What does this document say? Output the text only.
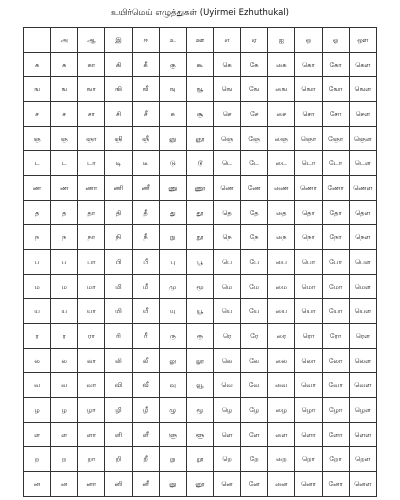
உயிர்மெய் எழுத்துகள் (Uyirmei Ezhuthukal)
	அ	ஆ	இ	ஈ	உ	ஊ	எ	ஏ	ஐ	ஒ	ஓ	ஔ
க	க	கா	கி	கீ	கு	கூ	கெ	கே	கை	கொ	கோ	கௌ
ங	ங	ஙா	ஙி	ஙீ	ஙு	ஙூ	ஙெ	ஙே	ஙை	ஙொ	ஙோ	ஙௌ
ச	ச	சா	சி	சீ	சு	சூ	செ	சே	சை	சொ	சோ	சௌ
ஞ	ஞ	ஞா	ஞி	ஞீ	ஞு	ஞூ	ஞெ	ஞே	ஞை	ஞொ	ஞோ	ஞௌ
ட	ட	டா	டி	டீ	டு	டூ	டெ	டே	டை	டொ	டோ	டௌ
ண	ண	ணா	ணி	ணீ	ணு	ணூ	ணெ	ணே	ணை	ணொ	ணோ	ணௌ
த	த	தா	தி	தீ	து	தூ	தெ	தே	தை	தொ	தோ	தௌ
ந	ந	நா	நி	நீ	நு	நூ	நெ	நே	நை	நொ	நோ	நௌ
ப	ப	பா	பி	பீ	பு	பூ	பெ	பே	பை	பொ	போ	பௌ
ம	ம	மா	மி	மீ	மு	மூ	மெ	மே	மை	மொ	மோ	மௌ
ய	ய	யா	யி	யீ	யு	யூ	யெ	யே	யை	யொ	யோ	யௌ
ர	ர	ரா	ரி	ரீ	ரு	ரூ	ரெ	ரே	ரை	ரொ	ரோ	ரௌ
ல	ல	லா	லி	லீ	லு	லூ	லெ	லே	லை	லொ	லோ	லௌ
வ	வ	வா	வி	வீ	வு	வூ	வெ	வே	வை	வொ	வோ	வௌ
ழ	ழ	ழா	ழி	ழீ	ழு	ழூ	ழெ	ழே	ழை	ழொ	ழோ	ழௌ
ள	ள	ளா	ளி	ளீ	ளு	ளூ	ளெ	ளே	ளை	ளொ	ளோ	ளௌ
ற	ற	றா	றி	றீ	று	றூ	றெ	றே	றை	றொ	றோ	றௌ
ன	ன	னா	னி	னீ	னு	னூ	னெ	னே	னை	னொ	னோ	னௌ
